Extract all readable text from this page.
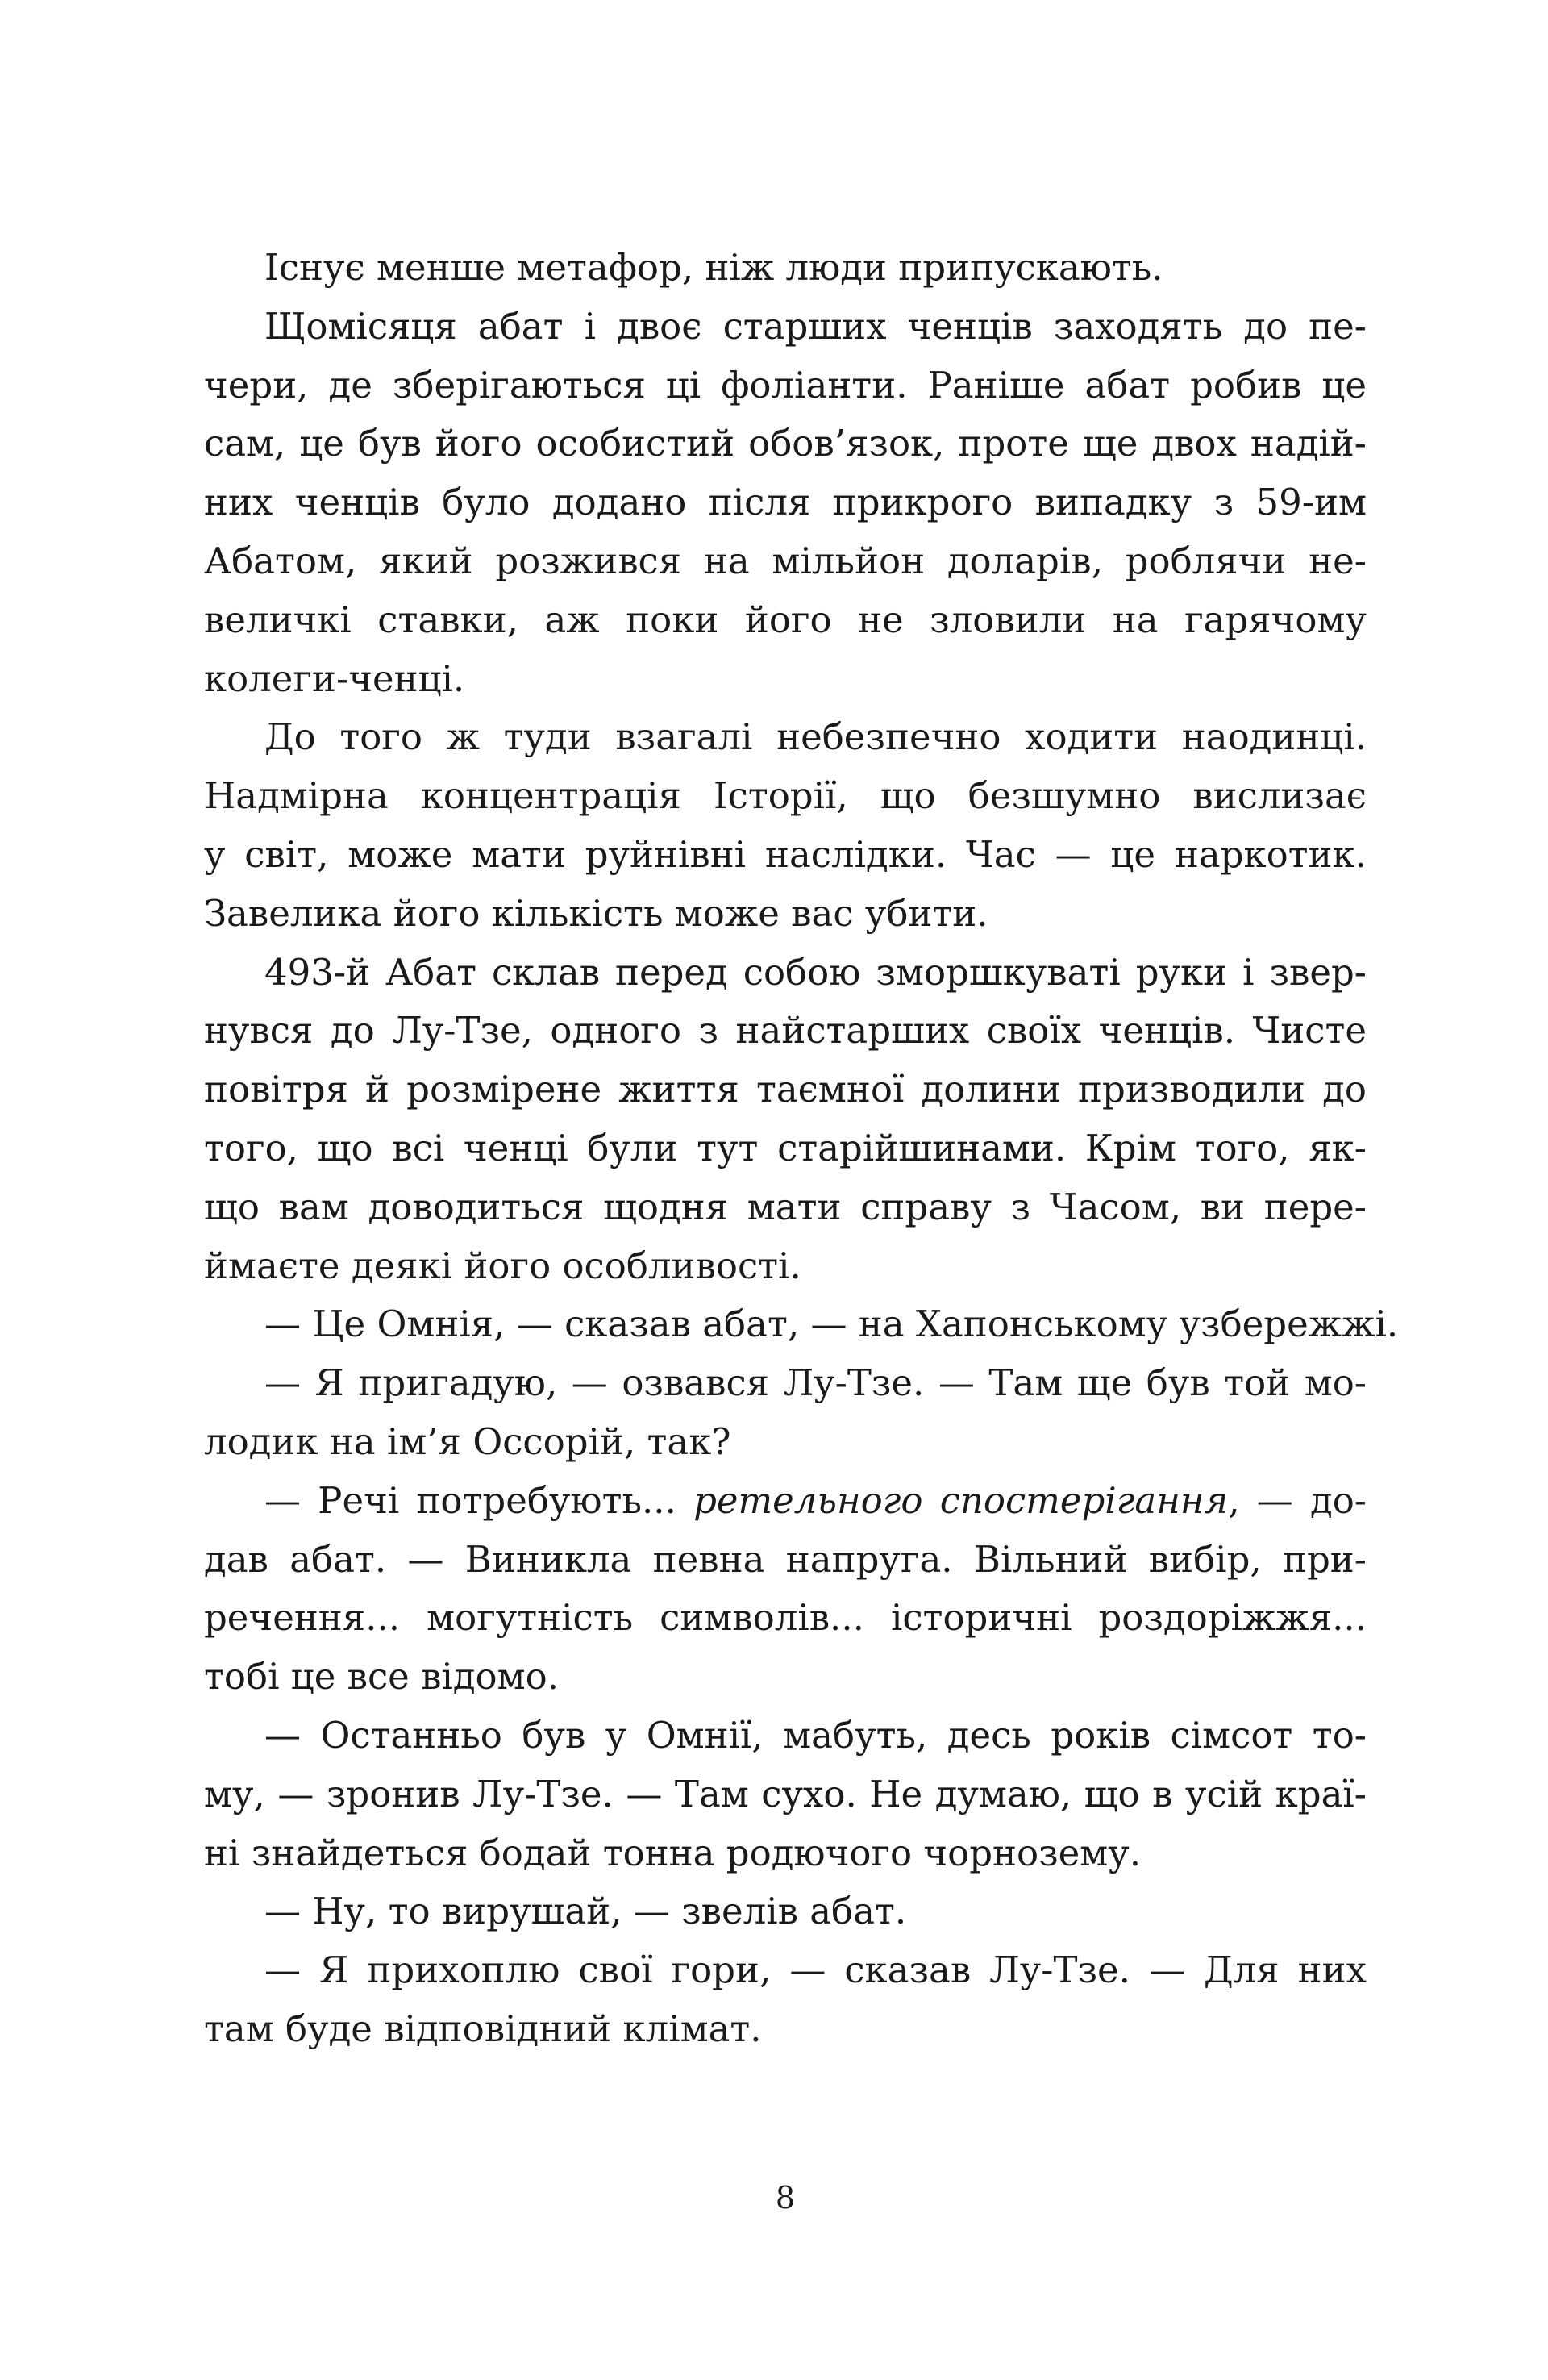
Існує менше метафор, ніж люди припускають.
Щомісяця абат і двоє старших ченців заходять до пе-
чери, де зберігаються ці фоліанти. Раніше абат робив це
сам, це був його особистий обов’язок, проте ще двох надій-
них ченців було додано після прикрого випадку з 59-им
Абатом, який розжився на мільйон доларів, роблячи не-
величкі ставки, аж поки його не зловили на гарячому
колеги-ченці.
До того ж туди взагалі небезпечно ходити наодинці.
Надмірна концентрація Історії, що безшумно вислизає
у світ, може мати руйнівні наслідки. Час — це наркотик.
Завелика його кількість може вас убити.
493-й Абат склав перед собою зморшкуваті руки і звер-
нувся до Лу-Тзе, одного з найстарших своїх ченців. Чисте
повітря й розмірене життя таємної долини призводили до
того, що всі ченці були тут старійшинами. Крім того, як-
що вам доводиться щодня мати справу з Часом, ви пере-
ймаєте деякі його особливості.
— Це Омнія, — сказав абат, — на Хапонському узбережжі.
— Я пригадую, — озвався Лу-Тзе. — Там ще був той мо-
лодик на ім’я Оссорій, так?
— Речі потребують... ретельного спостерігання, — до-
дав абат. — Виникла певна напруга. Вільний вибір, при-
речення... могутність символів... історичні роздоріжжя...
тобі це все відомо.
— Останньо був у Омнії, мабуть, десь років сімсот то-
му, — зронив Лу-Тзе. — Там сухо. Не думаю, що в усій краї-
ні знайдеться бодай тонна родючого чорнозему.
— Ну, то вирушай, — звелів абат.
— Я прихоплю свої гори, — сказав Лу-Тзе. — Для них
там буде відповідний клімат.
8
